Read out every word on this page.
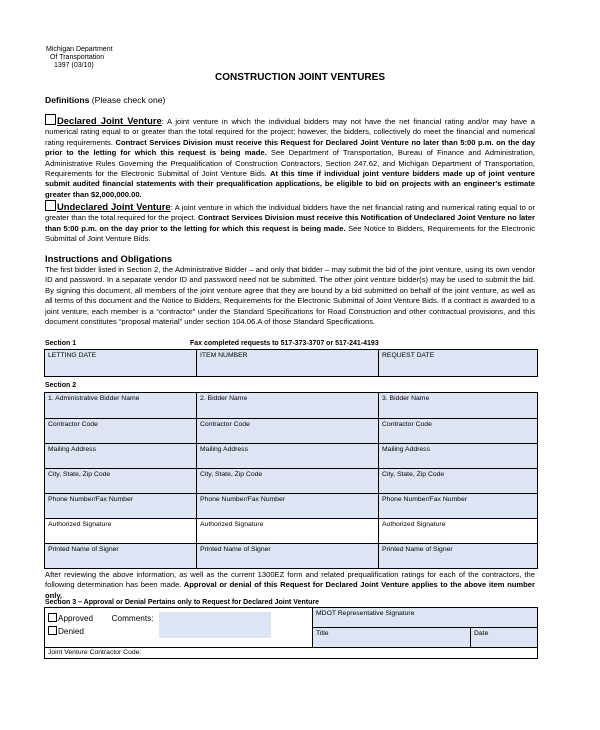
Michigan Department
Of Transportation
1397 (03/10)
CONSTRUCTION JOINT VENTURES
Definitions (Please check one)
Declared Joint Venture: A joint venture in which the individual bidders may not have the net financial rating and/or may have a numerical rating equal to or greater than the total required for the project; however, the bidders, collectively do meet the financial and numerical rating requirements. Contract Services Division must receive this Request for Declared Joint Venture no later than 5:00 p.m. on the day prior to the letting for which this request is being made. See Department of Transportation, Bureau of Finance and Administration, Administrative Rules Governing the Prequalification of Construction Contractors, Section 247.62, and Michigan Department of Transportation, Requirements for the Electronic Submittal of Joint Venture Bids. At this time if individual joint venture bidders made up of joint venture submit audited financial statements with their prequalification applications, be eligible to bid on projects with an engineer's estimate greater than $2,000,000.00.
Undeclared Joint Venture: A joint venture in which the individual bidders have the net financial rating and numerical rating equal to or greater than the total required for the project. Contract Services Division must receive this Notification of Undeclared Joint Venture no later than 5:00 p.m. on the day prior to the letting for which this request is being made. See Notice to Bidders, Requirements for the Electronic Submittal of Joint Venture Bids.
Instructions and Obligations
The first bidder listed in Section 2, the Administrative Bidder – and only that bidder – may submit the bid of the joint venture, using its own vendor ID and password. In a separate vendor ID and password need not be submitted. The other joint venture bidder(s) may be used to submit the bid. By signing this document, all members of the joint venture agree that they are bound by a bid submitted on behalf of the joint venture, as well as all terms of this document and the Notice to Bidders, Requirements for the Electronic Submittal of Joint Venture Bids. If a contract is awarded to a joint venture, each member is a “contractor” under the Standard Specifications for Road Construction and other contractual provisions, and this document constitutes “proposal material” under section 104.06.A of those Standard Specifications.
Section 1	Fax completed requests to 517-373-3707 or 517-241-4193
LETTING DATE	ITEM NUMBER	REQUEST DATE
Section 2
1. Administrative Bidder Name	2. Bidder Name	3. Bidder Name
Contractor Code	Contractor Code	Contractor Code
Mailing Address	Mailing Address	Mailing Address
City, State, Zip Code	City, State, Zip Code	City, State, Zip Code
Phone Number/Fax Number	Phone Number/Fax Number	Phone Number/Fax Number
Authorized Signature	Authorized Signature	Authorized Signature
Printed Name of Signer	Printed Name of Signer	Printed Name of Signer
After reviewing the above information, as well as the current 1300EZ form and related prequalification ratings for each of the contractors, the following determination has been made. Approval or denial of this Request for Declared Joint Venture applies to the above item number only.
Section 3 – Approval or Denial Pertains only to Request for Declared Joint Venture
Approved Comments:
Denied	MDOT Representative Signature	
	Title	Date
Joint Venture Contractor Code:		
